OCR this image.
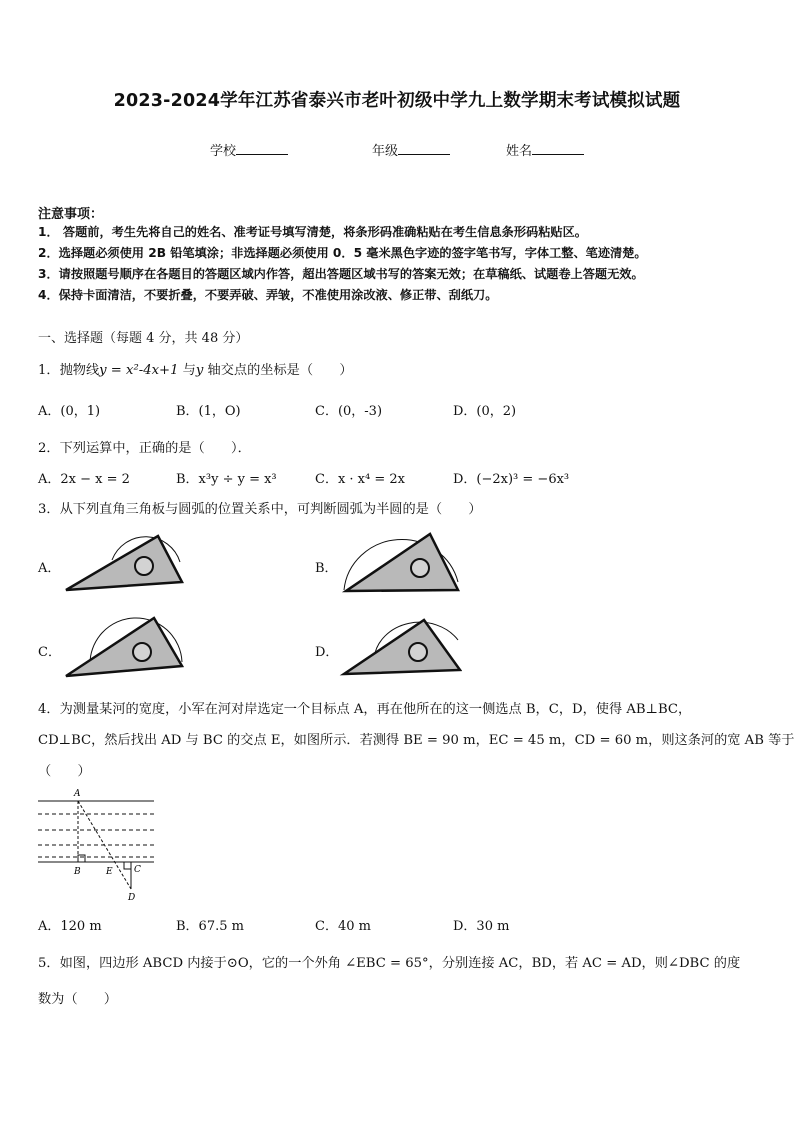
2023-2024学年江苏省泰兴市老叶初级中学九上数学期末考试模拟试题
学校	年级	姓名
注意事项：
1． 答题前，考生先将自己的姓名、准考证号填写清楚，将条形码准确粘贴在考生信息条形码粘贴区。
2．选择题必须使用 2B 铅笔填涂；非选择题必须使用 0．5 毫米黑色字迹的签字笔书写，字体工整、笔迹清楚。
3．请按照题号顺序在各题目的答题区域内作答，超出答题区域书写的答案无效；在草稿纸、试题卷上答题无效。
4．保持卡面清洁，不要折叠，不要弄破、弄皱，不准使用涂改液、修正带、刮纸刀。
一、选择题（每题 4 分，共 48 分）
1．抛物线y = x²-4x+1 与y 轴交点的坐标是（　　）
A．(0，1)	B．(1，O)	C．(0，-3)	D．(0，2)
2．下列运算中，正确的是（　　）．
A．2x − x = 2	B．x³y ÷ y = x³	C．x · x⁴ = 2x	D．(−2x)³ = −6x³
3．从下列直角三角板与圆弧的位置关系中，可判断圆弧为半圆的是（　　）
A．	B．
C．	D．
4．为测量某河的宽度，小军在河对岸选定一个目标点 A，再在他所在的这一侧选点 B，C，D，使得 AB⊥BC，
CD⊥BC，然后找出 AD 与 BC 的交点 E，如图所示．若测得 BE = 90 m，EC = 45 m，CD = 60 m，则这条河的宽 AB 等于
（　　）
A
B	E C
D
A．120 m	B．67.5 m	C．40 m	D．30 m
5．如图，四边形 ABCD 内接于⊙O，它的一个外角 ∠EBC = 65°，分别连接 AC，BD，若 AC = AD，则∠DBC 的度
数为（　　）
